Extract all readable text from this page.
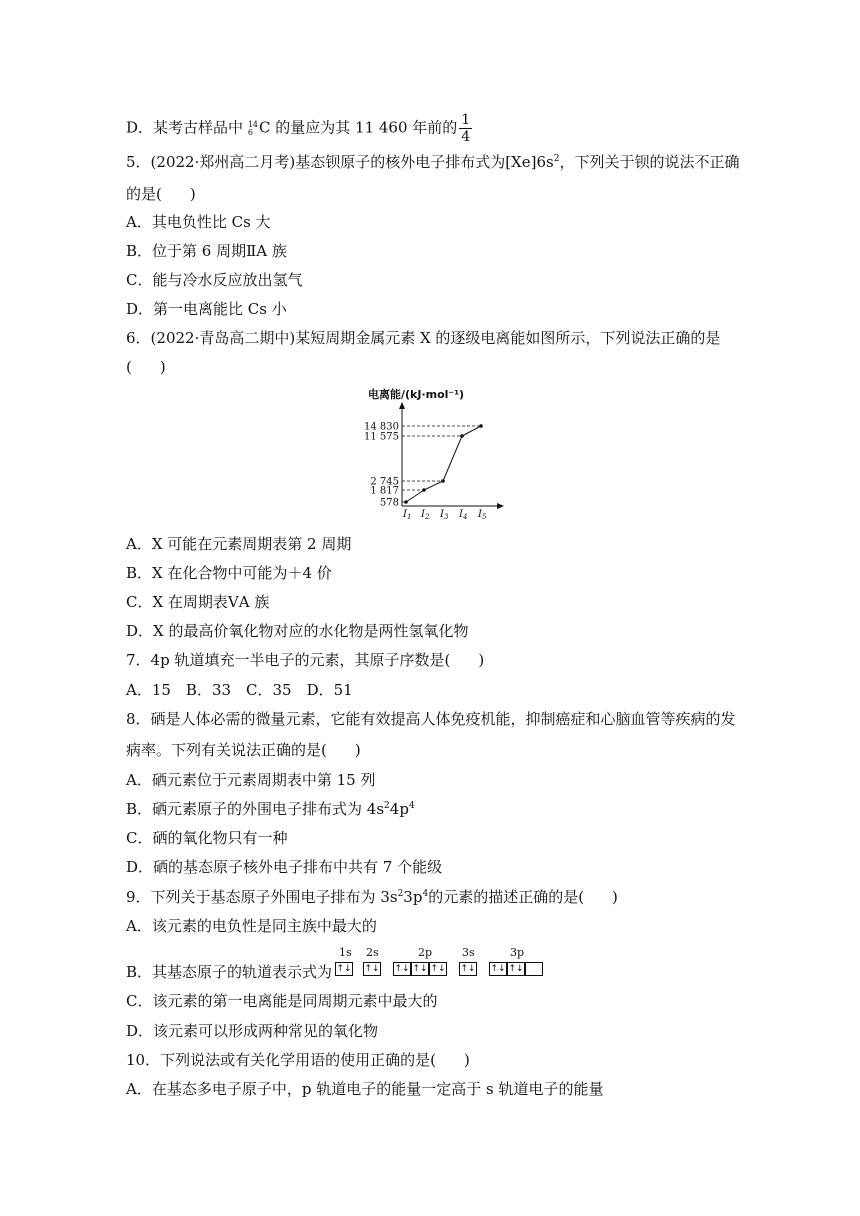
D．某考古样品中 14
6 C 的量应为其 11 460 年前的 $\frac{1}{4}$
5．(2022·郑州高二月考)基态钡原子的核外电子排布式为$[Xe]6s^2$，下列关于钡的说法不正确
的是( )
A．其电负性比 Cs 大
B．位于第 6 周期ⅡA 族
C．能与冷水反应放出氢气
D．第一电离能比 Cs 小
6．(2022·青岛高二期中)某短周期金属元素 X 的逐级电离能如图所示，下列说法正确的是
( )
电离能/(kJ·mol⁻¹)
578
1 817
2 745
11 575
14 830
$I_1$ $I_2$ $I_3$ $I_4$ $I_5$
A．X 可能在元素周期表第 2 周期
B．X 在化合物中可能为＋4 价
C．X 在周期表ⅤA 族
D．X 的最高价氧化物对应的水化物是两性氢氧化物
7．4p 轨道填充一半电子的元素，其原子序数是( )
A．15　B．33　C．35　D．51
8．硒是人体必需的微量元素，它能有效提高人体免疫机能，抑制癌症和心脑血管等疾病的发
病率。下列有关说法正确的是( )
A．硒元素位于元素周期表中第 15 列
B．硒元素原子的外围电子排布式为 $4s^24p^4$
C．硒的氧化物只有一种
D．硒的基态原子核外电子排布中共有 7 个能级
9．下列关于基态原子外围电子排布为 $3s^23p^4$的元素的描述正确的是( )
A．该元素的电负性是同主族中最大的
B．其基态原子的轨道表示式为
1s 2s	2p	3s	3p
↑↓ ↑↓ ↑↓ ↑↓ ↑↓ ↑↓ ↑↓ ↑↓
C．该元素的第一电离能是同周期元素中最大的
D．该元素可以形成两种常见的氧化物
10．下列说法或有关化学用语的使用正确的是( )
A．在基态多电子原子中，p 轨道电子的能量一定高于 s 轨道电子的能量
